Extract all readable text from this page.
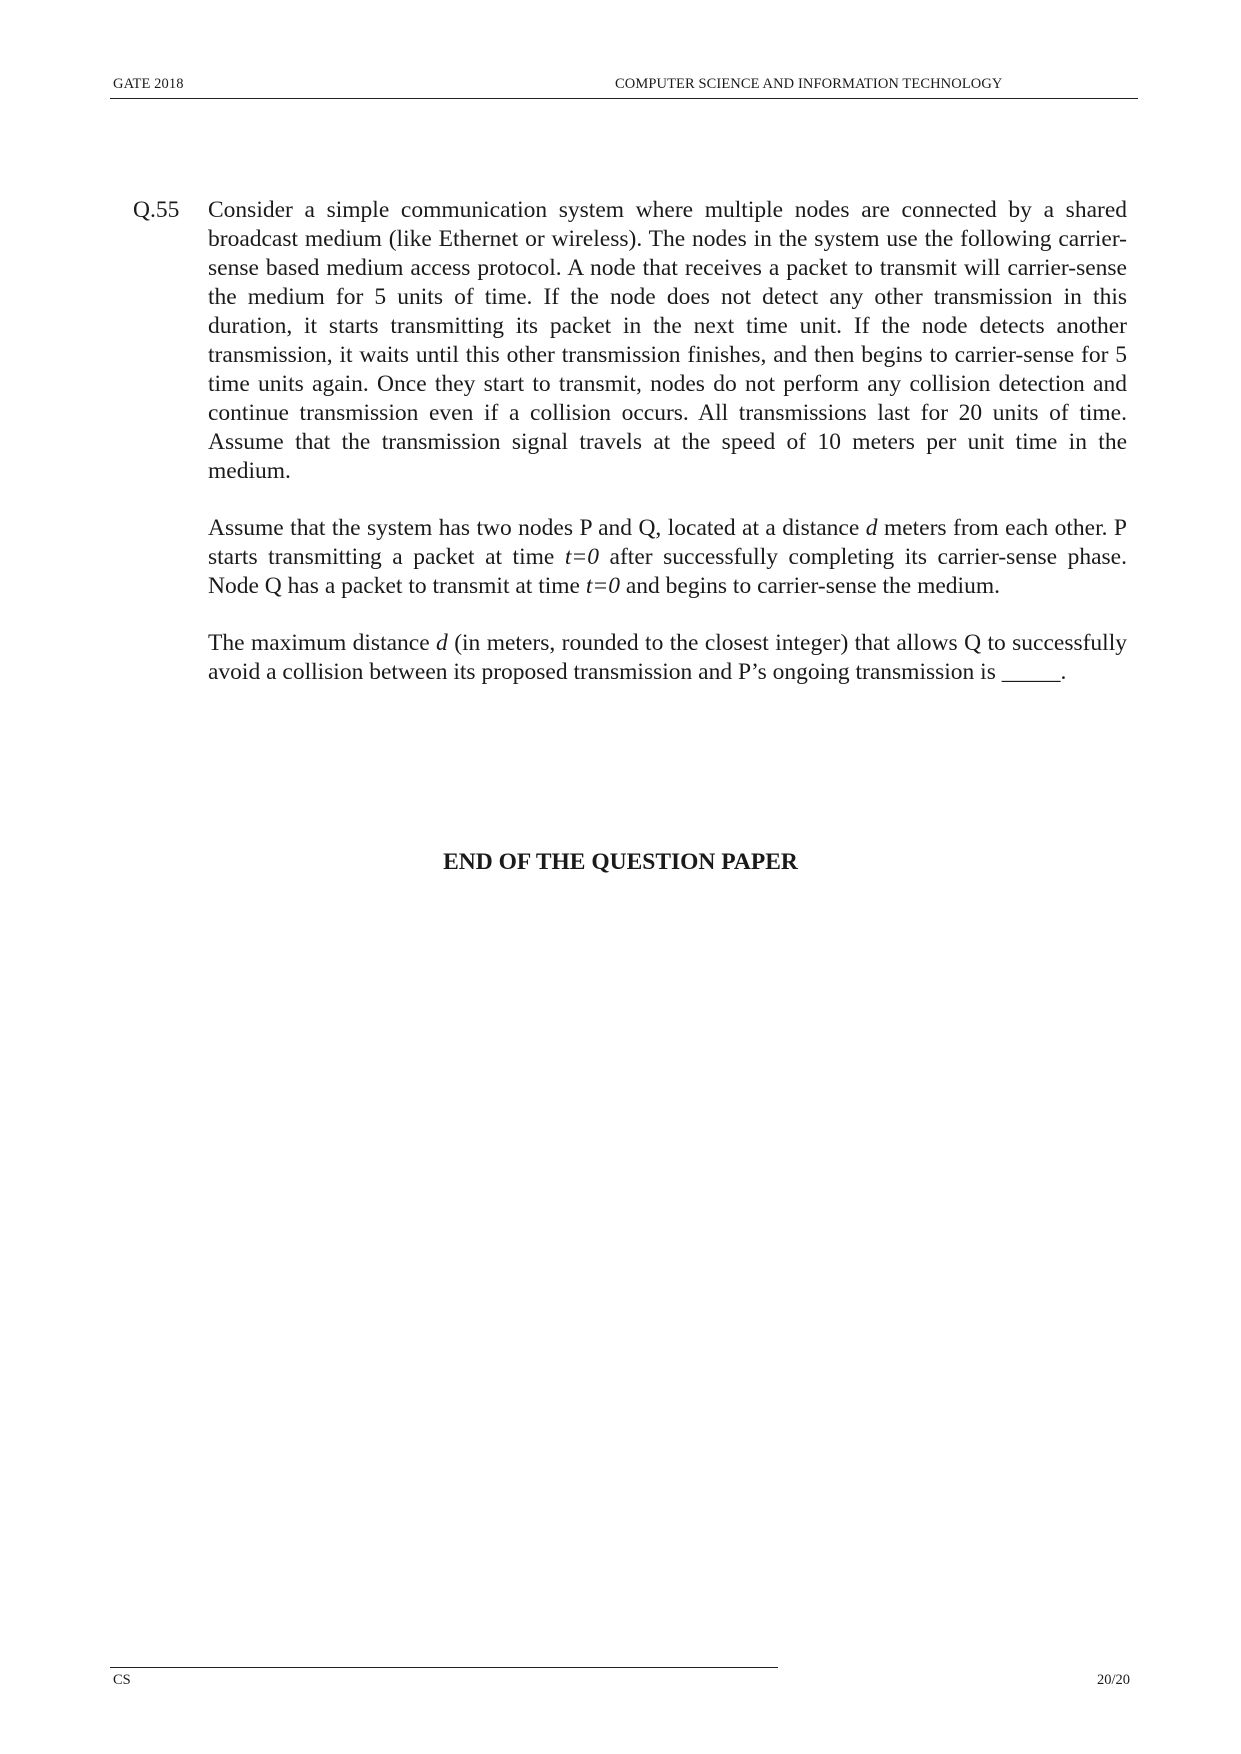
GATE 2018	COMPUTER SCIENCE AND INFORMATION TECHNOLOGY
Q.55 Consider a simple communication system where multiple nodes are connected by a shared broadcast medium (like Ethernet or wireless). The nodes in the system use the following carrier-sense based medium access protocol. A node that receives a packet to transmit will carrier-sense the medium for 5 units of time. If the node does not detect any other transmission in this duration, it starts transmitting its packet in the next time unit. If the node detects another transmission, it waits until this other transmission finishes, and then begins to carrier-sense for 5 time units again. Once they start to transmit, nodes do not perform any collision detection and continue transmission even if a collision occurs. All transmissions last for 20 units of time. Assume that the transmission signal travels at the speed of 10 meters per unit time in the medium.

Assume that the system has two nodes P and Q, located at a distance d meters from each other. P starts transmitting a packet at time t=0 after successfully completing its carrier-sense phase. Node Q has a packet to transmit at time t=0 and begins to carrier-sense the medium.

The maximum distance d (in meters, rounded to the closest integer) that allows Q to successfully avoid a collision between its proposed transmission and P’s ongoing transmission is _____.

END OF THE QUESTION PAPER
CS	20/20
